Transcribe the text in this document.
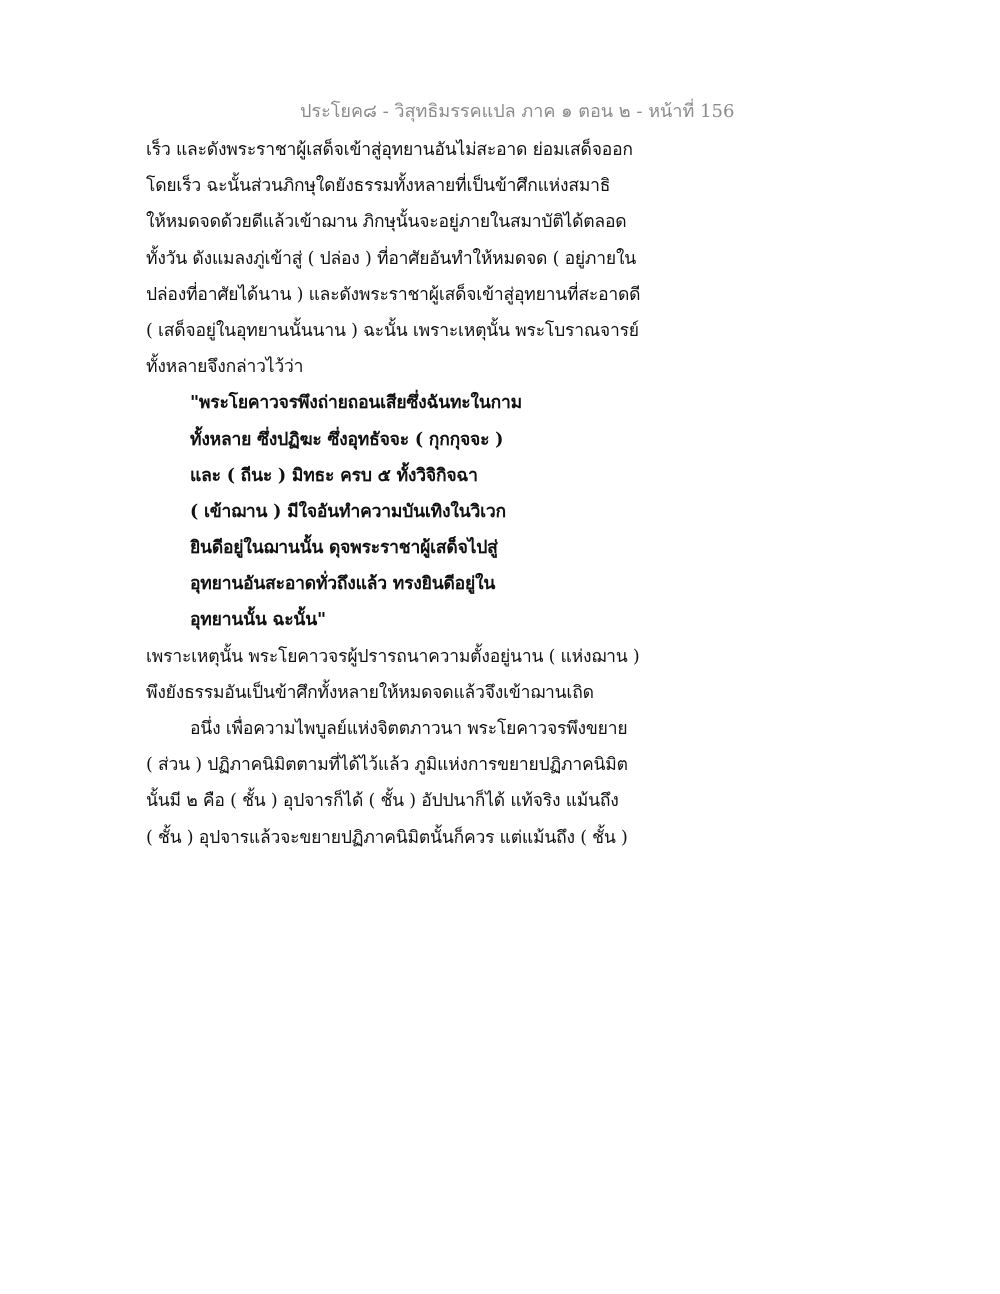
ประโยค๘ - วิสุทธิมรรคแปล ภาค ๑ ตอน ๒ - หน้าที่ 156
เร็ว และดังพระราชาผู้เสด็จเข้าสู่อุทยานอันไม่สะอาด ย่อมเสด็จออก
โดยเร็ว ฉะนั้นส่วนภิกษุใดยังธรรมทั้งหลายที่เป็นข้าศึกแห่งสมาธิ
ให้หมดจดด้วยดีแล้วเข้าฌาน ภิกษุนั้นจะอยู่ภายในสมาบัติได้ตลอด
ทั้งวัน ดังแมลงภู่เข้าสู่ ( ปล่อง ) ที่อาศัยอันทำให้หมดจด ( อยู่ภายใน
ปล่องที่อาศัยได้นาน ) และดังพระราชาผู้เสด็จเข้าสู่อุทยานที่สะอาดดี
( เสด็จอยู่ในอุทยานนั้นนาน ) ฉะนั้น เพราะเหตุนั้น พระโบราณจารย์
ทั้งหลายจึงกล่าวไว้ว่า
"พระโยคาวจรพึงถ่ายถอนเสียซึ่งฉันทะในกาม
ทั้งหลาย ซึ่งปฏิฆะ ซึ่งอุทธัจจะ ( กุกกุจจะ )
และ ( ถีนะ ) มิทธะ ครบ ๕ ทั้งวิจิกิจฉา
( เข้าฌาน ) มีใจอันทำความบันเทิงในวิเวก
ยินดีอยู่ในฌานนั้น ดุจพระราชาผู้เสด็จไปสู่
อุทยานอันสะอาดทั่วถึงแล้ว ทรงยินดีอยู่ใน
อุทยานนั้น ฉะนั้น"
เพราะเหตุนั้น พระโยคาวจรผู้ปรารถนาความตั้งอยู่นาน ( แห่งฌาน )
พึงยังธรรมอันเป็นข้าศึกทั้งหลายให้หมดจดแล้วจึงเข้าฌานเถิด
อนึ่ง เพื่อความไพบูลย์แห่งจิตตภาวนา พระโยคาวจรพึงขยาย
( ส่วน ) ปฏิภาคนิมิตตามที่ได้ไว้แล้ว ภูมิแห่งการขยายปฏิภาคนิมิต
นั้นมี ๒ คือ ( ชั้น ) อุปจารก็ได้ ( ชั้น ) อัปปนาก็ได้ แท้จริง แม้นถึง
( ชั้น ) อุปจารแล้วจะขยายปฏิภาคนิมิตนั้นก็ควร แต่แม้นถึง ( ชั้น )
